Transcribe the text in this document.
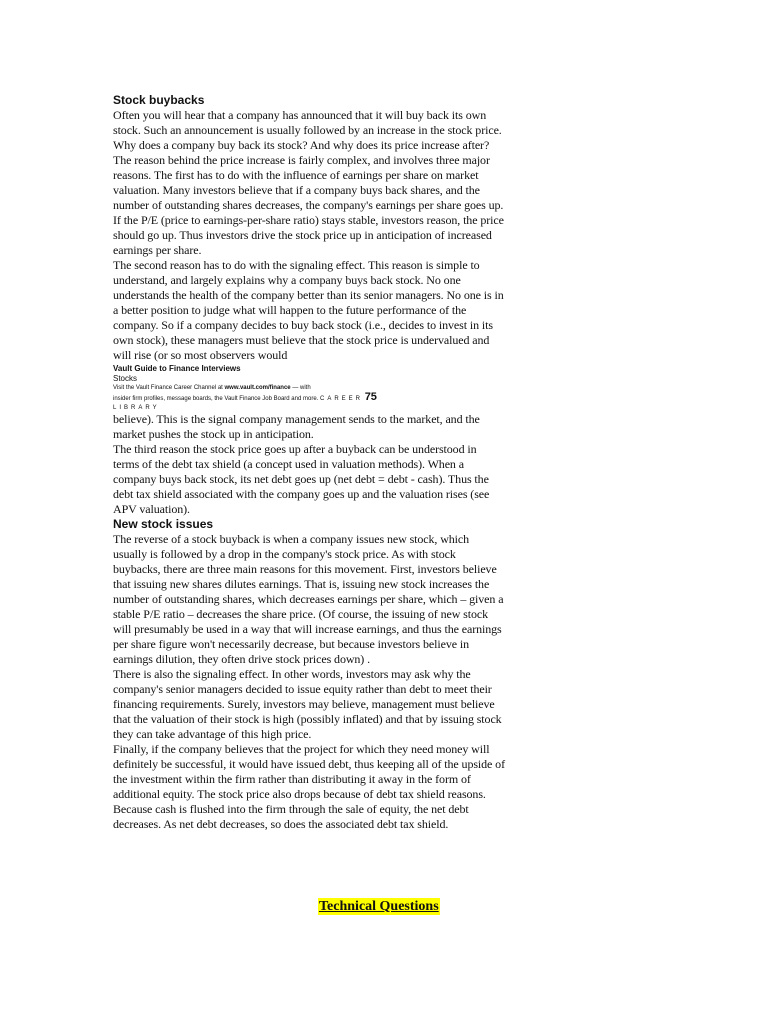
Stock buybacks

Often you will hear that a company has announced that it will buy back its own stock. Such an announcement is usually followed by an increase in the stock price. Why does a company buy back its stock? And why does its price increase after?

The reason behind the price increase is fairly complex, and involves three major reasons. The first has to do with the influence of earnings per share on market valuation. Many investors believe that if a company buys back shares, and the number of outstanding shares decreases, the company's earnings per share goes up. If the P/E (price to earnings-per-share ratio) stays stable, investors reason, the price should go up. Thus investors drive the stock price up in anticipation of increased earnings per share.

The second reason has to do with the signaling effect. This reason is simple to understand, and largely explains why a company buys back stock. No one understands the health of the company better than its senior managers. No one is in a better position to judge what will happen to the future performance of the company. So if a company decides to buy back stock (i.e., decides to invest in its own stock), these managers must believe that the stock price is undervalued and will rise (or so most observers would

Vault Guide to Finance Interviews
Stocks
Visit the Vault Finance Career Channel at www.vault.com/finance — with
insider firm profiles, message boards, the Vault Finance Job Board and more. CAREER 75
LIBRARY

believe). This is the signal company management sends to the market, and the market pushes the stock up in anticipation.

The third reason the stock price goes up after a buyback can be understood in terms of the debt tax shield (a concept used in valuation methods). When a company buys back stock, its net debt goes up (net debt = debt - cash). Thus the debt tax shield associated with the company goes up and the valuation rises (see APV valuation).

New stock issues

The reverse of a stock buyback is when a company issues new stock, which usually is followed by a drop in the company's stock price. As with stock buybacks, there are three main reasons for this movement. First, investors believe that issuing new shares dilutes earnings. That is, issuing new stock increases the number of outstanding shares, which decreases earnings per share, which – given a stable P/E ratio – decreases the share price. (Of course, the issuing of new stock will presumably be used in a way that will increase earnings, and thus the earnings per share figure won't necessarily decrease, but because investors believe in earnings dilution, they often drive stock prices down) .

There is also the signaling effect. In other words, investors may ask why the company's senior managers decided to issue equity rather than debt to meet their financing requirements. Surely, investors may believe, management must believe that the valuation of their stock is high (possibly inflated) and that by issuing stock they can take advantage of this high price.

Finally, if the company believes that the project for which they need money will definitely be successful, it would have issued debt, thus keeping all of the upside of the investment within the firm rather than distributing it away in the form of additional equity. The stock price also drops because of debt tax shield reasons. Because cash is flushed into the firm through the sale of equity, the net debt decreases. As net debt decreases, so does the associated debt tax shield.

Technical Questions
